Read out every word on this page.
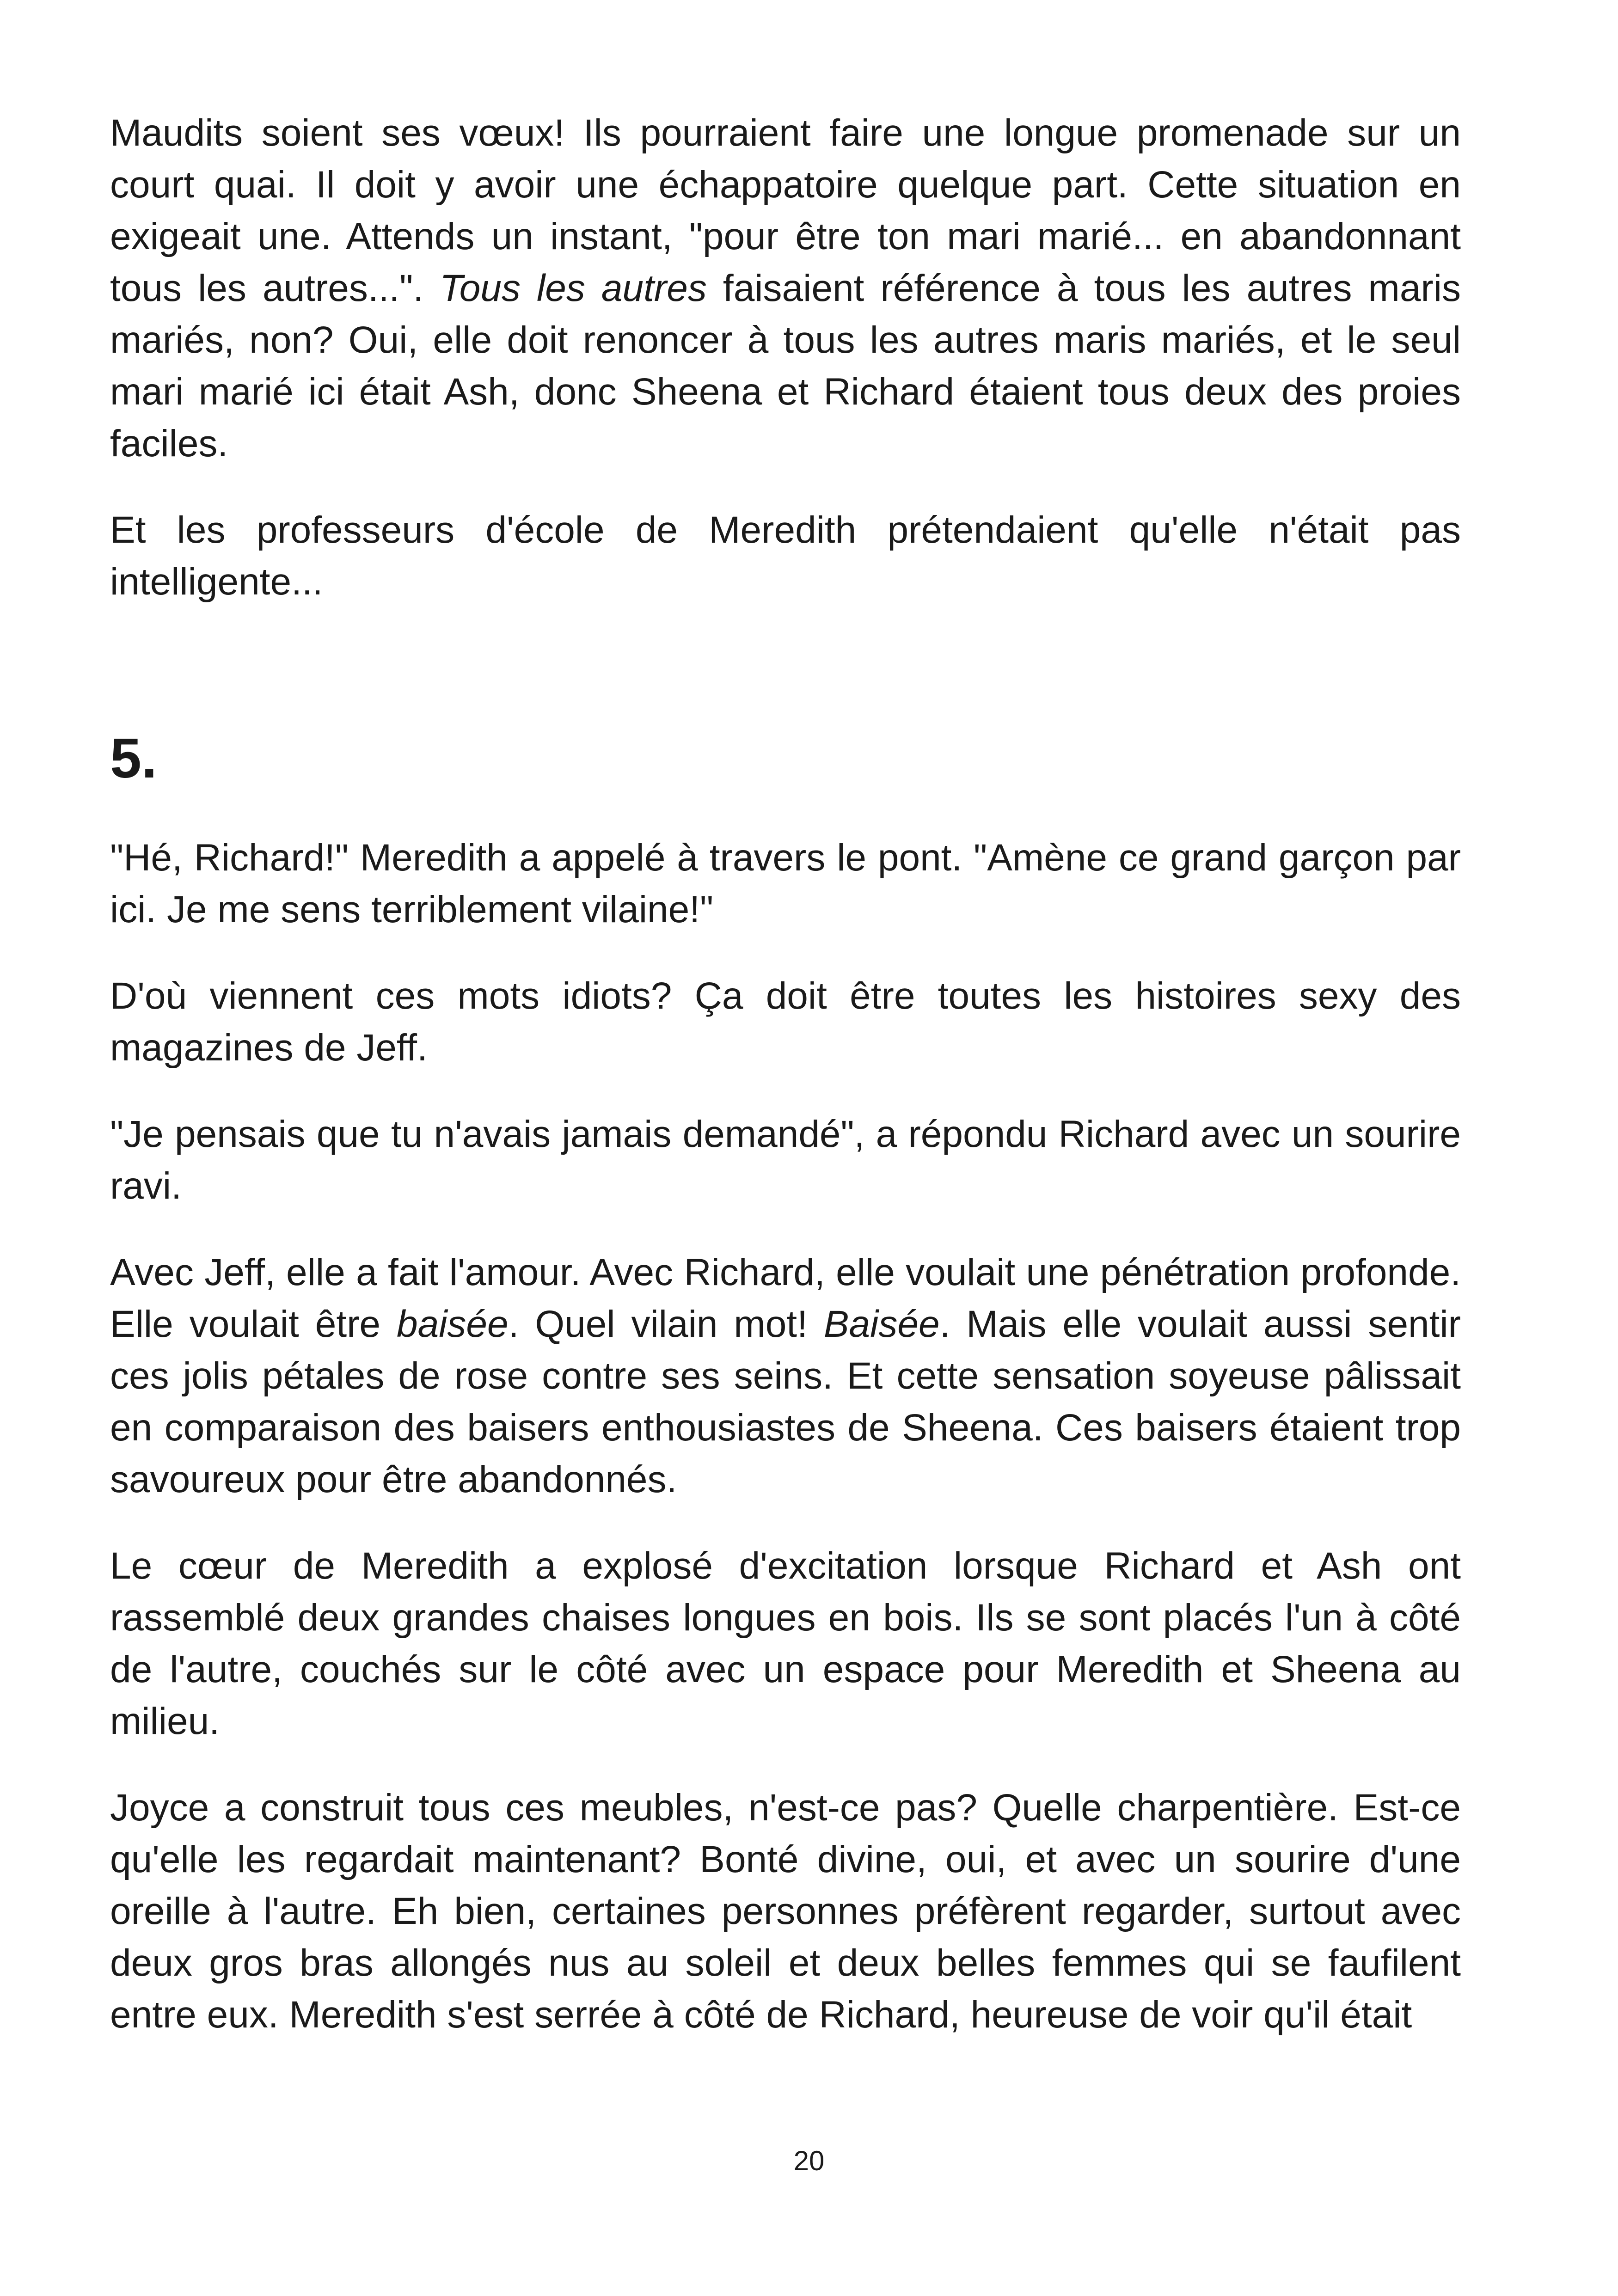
Maudits soient ses vœux! Ils pourraient faire une longue promenade sur un court quai. Il doit y avoir une échappatoire quelque part. Cette situation en exigeait une. Attends un instant, "pour être ton mari marié... en abandonnant tous les autres...". Tous les autres faisaient référence à tous les autres maris mariés, non? Oui, elle doit renoncer à tous les autres maris mariés, et le seul mari marié ici était Ash, donc Sheena et Richard étaient tous deux des proies faciles.

Et les professeurs d'école de Meredith prétendaient qu'elle n'était pas intelligente...

5.

"Hé, Richard!" Meredith a appelé à travers le pont. "Amène ce grand garçon par ici. Je me sens terriblement vilaine!"

D'où viennent ces mots idiots? Ça doit être toutes les histoires sexy des magazines de Jeff.

"Je pensais que tu n'avais jamais demandé", a répondu Richard avec un sourire ravi.

Avec Jeff, elle a fait l'amour. Avec Richard, elle voulait une pénétration profonde. Elle voulait être baisée. Quel vilain mot! Baisée. Mais elle voulait aussi sentir ces jolis pétales de rose contre ses seins. Et cette sensation soyeuse pâlissait en comparaison des baisers enthousiastes de Sheena. Ces baisers étaient trop savoureux pour être abandonnés.

Le cœur de Meredith a explosé d'excitation lorsque Richard et Ash ont rassemblé deux grandes chaises longues en bois. Ils se sont placés l'un à côté de l'autre, couchés sur le côté avec un espace pour Meredith et Sheena au milieu.

Joyce a construit tous ces meubles, n'est-ce pas? Quelle charpentière. Est-ce qu'elle les regardait maintenant? Bonté divine, oui, et avec un sourire d'une oreille à l'autre. Eh bien, certaines personnes préfèrent regarder, surtout avec deux gros bras allongés nus au soleil et deux belles femmes qui se faufilent entre eux. Meredith s'est serrée à côté de Richard, heureuse de voir qu'il était

20
